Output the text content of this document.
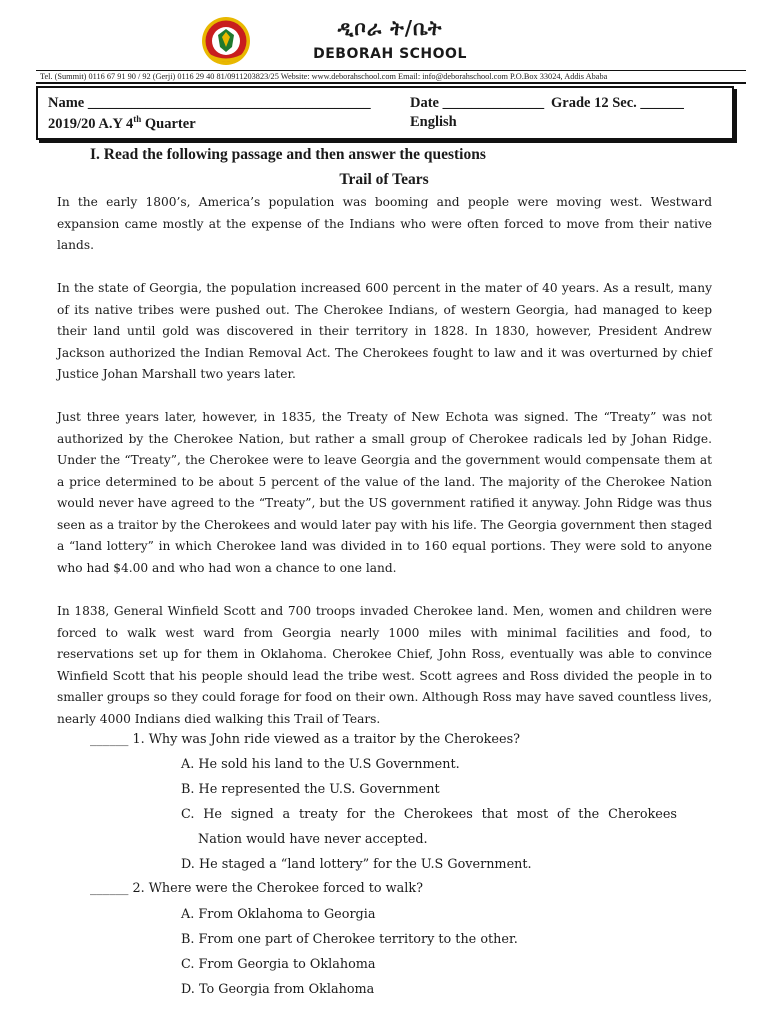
ዲቦራ ት/ቤት
DEBORAH SCHOOL
Tel. (Summit) 0116 67 91 90 / 92 (Gerji) 0116 29 40 81/0911203823/25 Website: www.deborahschool.com Email: info@deborahschool.com P.O.Box 33024, Addis Ababa
Name _______________________________________	Date ______________ Grade 12 Sec. ______
2019/20 A.Y 4th Quarter	English
I. Read the following passage and then answer the questions
Trail of Tears
In the early 1800’s, America’s population was booming and people were moving west. Westward expansion came mostly at the expense of the Indians who were often forced to move from their native lands.
In the state of Georgia, the population increased 600 percent in the mater of 40 years. As a result, many of its native tribes were pushed out. The Cherokee Indians, of western Georgia, had managed to keep their land until gold was discovered in their territory in 1828. In 1830, however, President Andrew Jackson authorized the Indian Removal Act. The Cherokees fought to law and it was overturned by chief Justice Johan Marshall two years later.
Just three years later, however, in 1835, the Treaty of New Echota was signed. The “Treaty” was not authorized by the Cherokee Nation, but rather a small group of Cherokee radicals led by Johan Ridge. Under the “Treaty”, the Cherokee were to leave Georgia and the government would compensate them at a price determined to be about 5 percent of the value of the land. The majority of the Cherokee Nation would never have agreed to the “Treaty”, but the US government ratified it anyway. John Ridge was thus seen as a traitor by the Cherokees and would later pay with his life. The Georgia government then staged a “land lottery” in which Cherokee land was divided in to 160 equal portions. They were sold to anyone who had $4.00 and who had won a chance to one land.
In 1838, General Winfield Scott and 700 troops invaded Cherokee land. Men, women and children were forced to walk west ward from Georgia nearly 1000 miles with minimal facilities and food, to reservations set up for them in Oklahoma. Cherokee Chief, John Ross, eventually was able to convince Winfield Scott that his people should lead the tribe west. Scott agrees and Ross divided the people in to smaller groups so they could forage for food on their own. Although Ross may have saved countless lives, nearly 4000 Indians died walking this Trail of Tears.
______ 1. Why was John ride viewed as a traitor by the Cherokees?
A. He sold his land to the U.S Government.
B. He represented the U.S. Government
C. He signed a treaty for the Cherokees that most of the Cherokees
Nation would have never accepted.
D. He staged a “land lottery” for the U.S Government.
______ 2. Where were the Cherokee forced to walk?
A. From Oklahoma to Georgia
B. From one part of Cherokee territory to the other.
C. From Georgia to Oklahoma
D. To Georgia from Oklahoma
